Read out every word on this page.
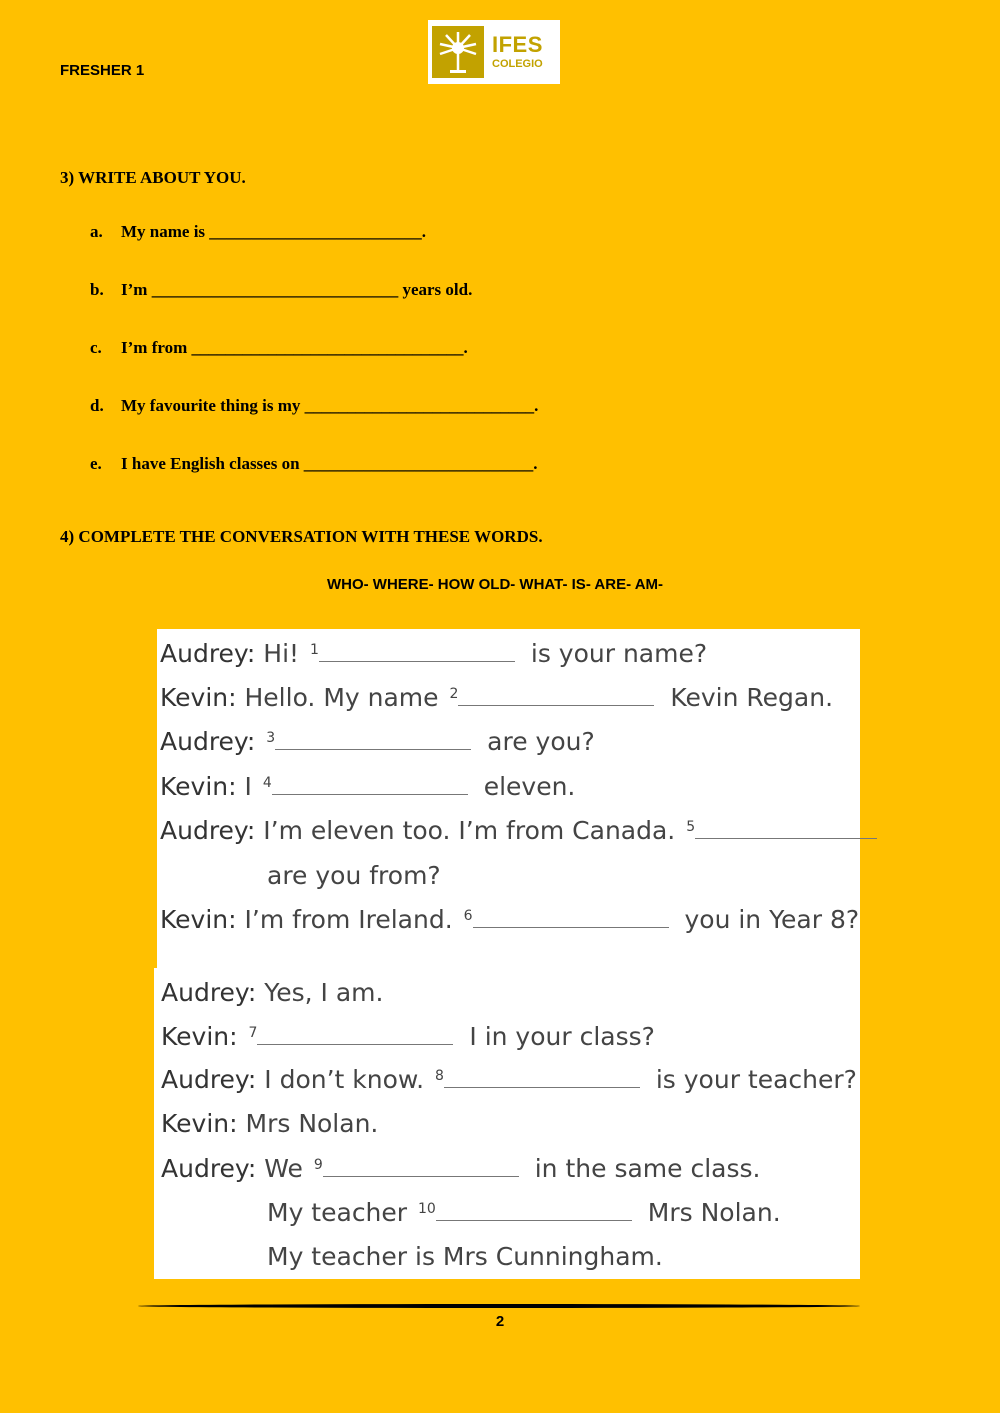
FRESHER 1
IFES
COLEGIO
3) WRITE ABOUT YOU.
a. My name is _________________________.
b. I’m _____________________________ years old.
c. I’m from ________________________________.
d. My favourite thing is my ___________________________.
e. I have English classes on ___________________________.
4) COMPLETE THE CONVERSATION WITH THESE WORDS.
WHO- WHERE- HOW OLD- WHAT- IS- ARE- AM-
Audrey: Hi! $^1$	is your name?
Kevin: Hello. My name $^2$	Kevin Regan.
Audrey: $^3$	are you?
Kevin: I $^4$	eleven.
Audrey: I’m eleven too. I’m from Canada. $^5$
are you from?
Kevin: I’m from Ireland. $^6$	you in Year 8?
Audrey: Yes, I am.
Kevin: $^7$	I in your class?
Audrey: I don’t know. $^8$	is your teacher?
Kevin: Mrs Nolan.
Audrey: We $^9$	in the same class.
My teacher $^{10}$	Mrs Nolan.
My teacher is Mrs Cunningham.
2
